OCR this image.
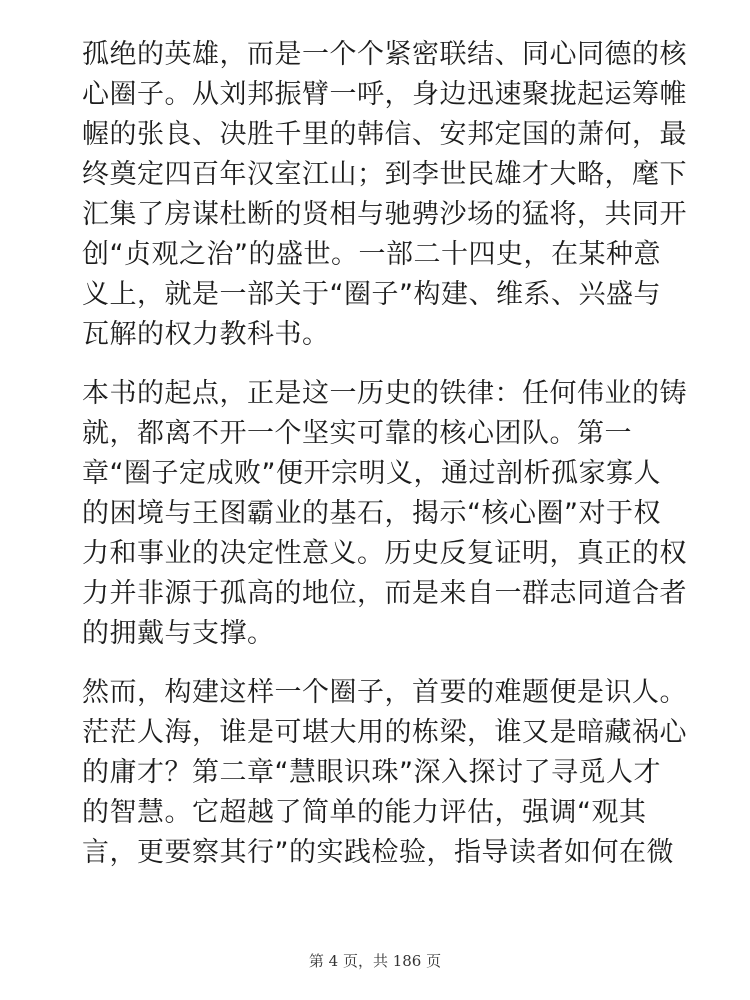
孤绝的英雄，而是一个个紧密联结、同心同德的核
心圈子。从刘邦振臂一呼，身边迅速聚拢起运筹帷
幄的张良、决胜千里的韩信、安邦定国的萧何，最
终奠定四百年汉室江山；到李世民雄才大略，麾下
汇集了房谋杜断的贤相与驰骋沙场的猛将，共同开
创“贞观之治”的盛世。一部二十四史，在某种意
义上，就是一部关于“圈子”构建、维系、兴盛与
瓦解的权力教科书。

本书的起点，正是这一历史的铁律：任何伟业的铸
就，都离不开一个坚实可靠的核心团队。第一
章“圈子定成败”便开宗明义，通过剖析孤家寡人
的困境与王图霸业的基石，揭示“核心圈”对于权
力和事业的决定性意义。历史反复证明，真正的权
力并非源于孤高的地位，而是来自一群志同道合者
的拥戴与支撑。

然而，构建这样一个圈子，首要的难题便是识人。
茫茫人海，谁是可堪大用的栋梁，谁又是暗藏祸心
的庸才？第二章“慧眼识珠”深入探讨了寻觅人才
的智慧。它超越了简单的能力评估，强调“观其
言，更要察其行”的实践检验，指导读者如何在微

第 4 页，共 186 页
